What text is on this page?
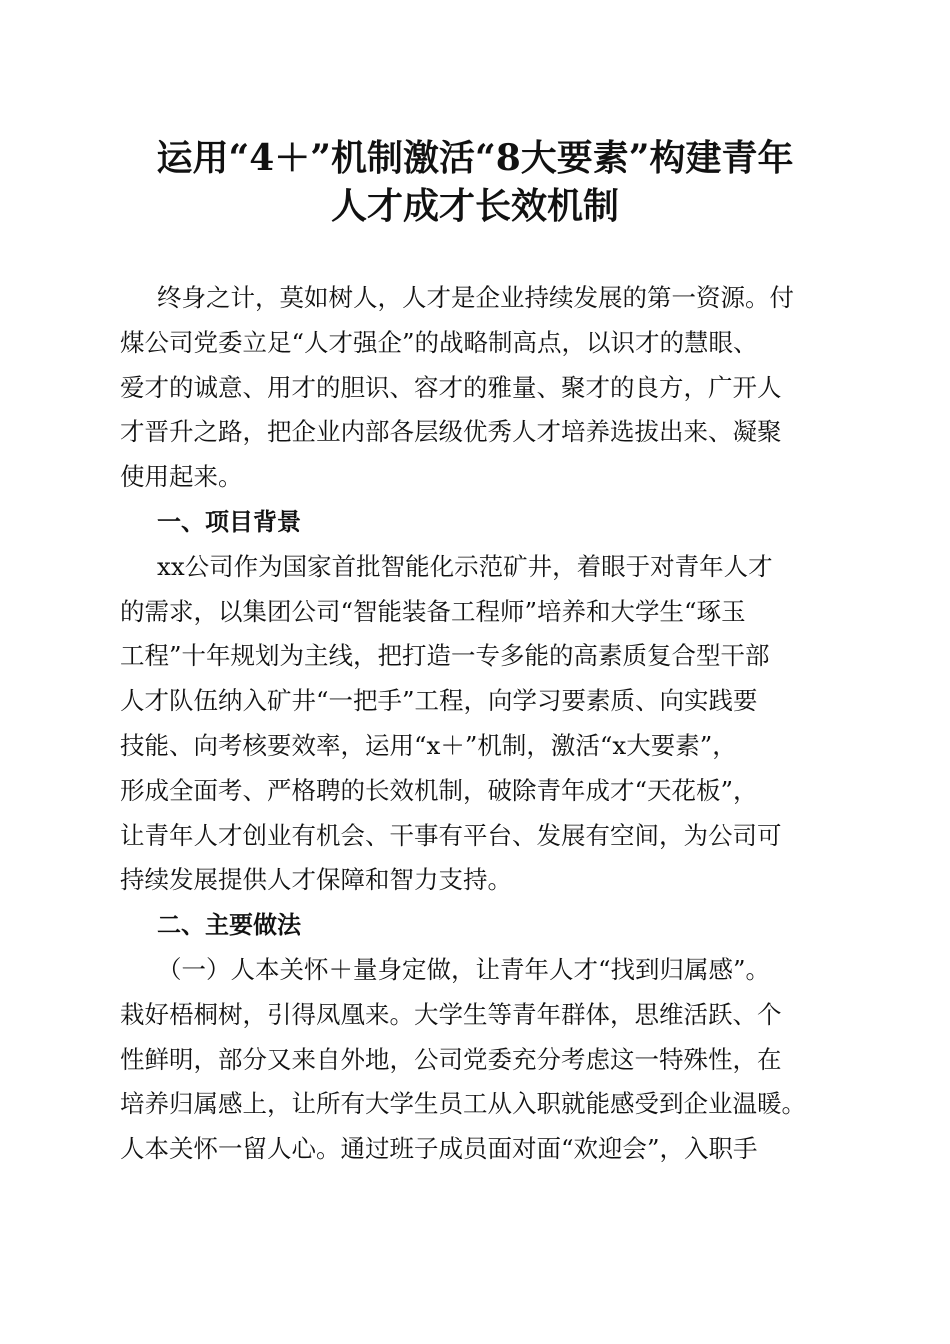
运用“4＋”机制激活“8大要素”构建青年
人才成才长效机制
终身之计，莫如树人，人才是企业持续发展的第一资源。付
煤公司党委立足“人才强企”的战略制高点，以识才的慧眼、
爱才的诚意、用才的胆识、容才的雅量、聚才的良方，广开人
才晋升之路，把企业内部各层级优秀人才培养选拔出来、凝聚
使用起来。
一、项目背景
xx公司作为国家首批智能化示范矿井，着眼于对青年人才
的需求，以集团公司“智能装备工程师”培养和大学生“琢玉
工程”十年规划为主线，把打造一专多能的高素质复合型干部
人才队伍纳入矿井“一把手”工程，向学习要素质、向实践要
技能、向考核要效率，运用“x＋”机制，激活“x大要素”，
形成全面考、严格聘的长效机制，破除青年成才“天花板”，
让青年人才创业有机会、干事有平台、发展有空间，为公司可
持续发展提供人才保障和智力支持。
二、主要做法
（一）人本关怀＋量身定做，让青年人才“找到归属感”。
栽好梧桐树，引得凤凰来。大学生等青年群体，思维活跃、个
性鲜明，部分又来自外地，公司党委充分考虑这一特殊性，在
培养归属感上，让所有大学生员工从入职就能感受到企业温暖。
人本关怀一留人心。通过班子成员面对面“欢迎会”，入职手
